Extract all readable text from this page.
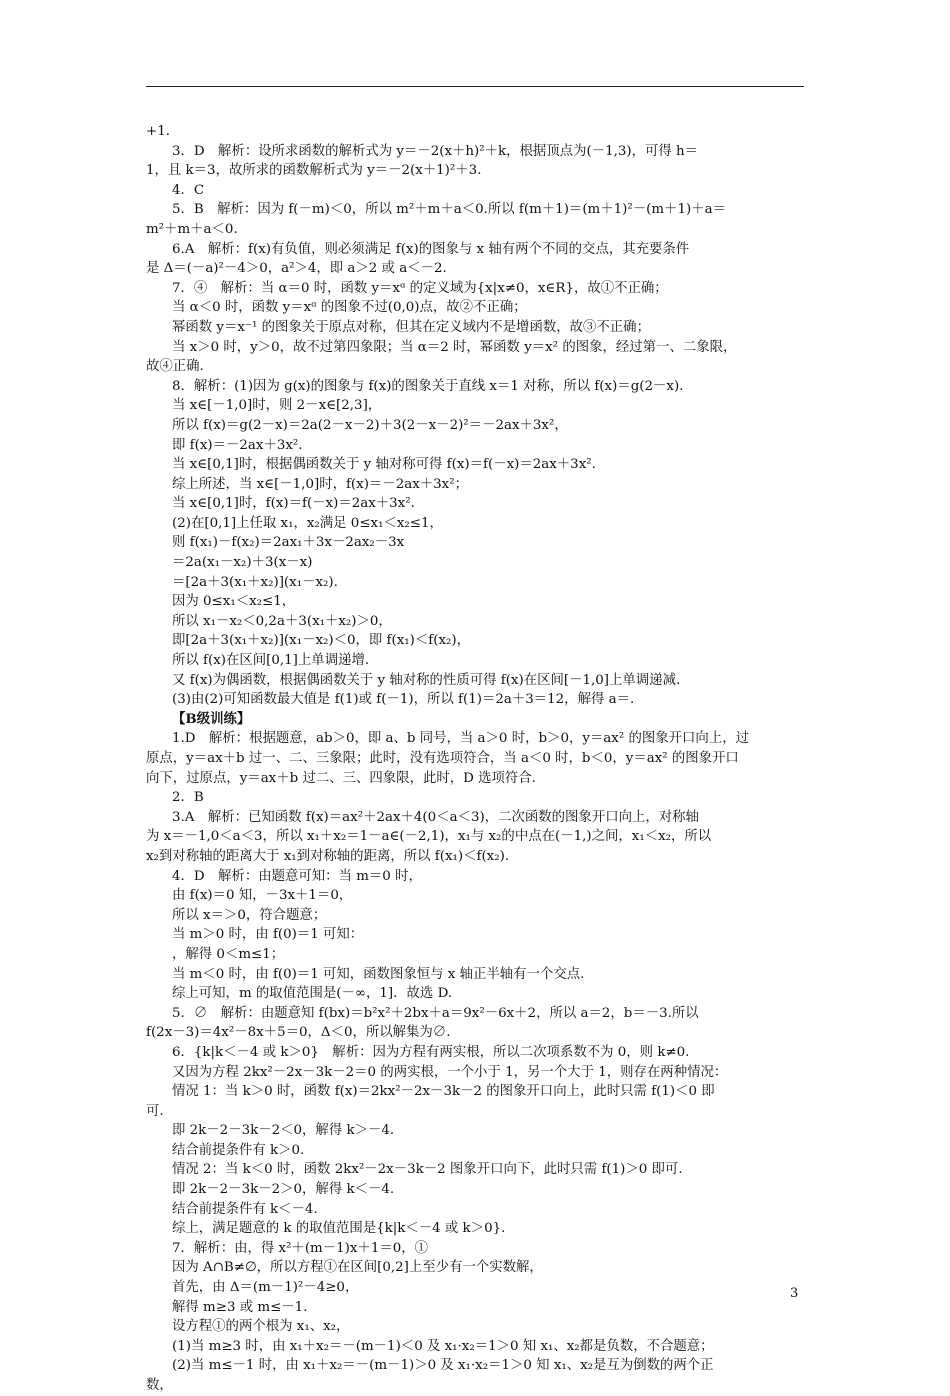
+1.
3．D　解析：设所求函数的解析式为 y＝－2(x＋h)²＋k，根据顶点为(－1,3)，可得 h＝
1，且 k＝3，故所求的函数解析式为 y＝－2(x＋1)²＋3.
4．C
5．B　解析：因为 f(－m)＜0，所以 m²＋m＋a＜0.所以 f(m＋1)＝(m＋1)²－(m＋1)＋a＝
m²＋m＋a＜0.
6.A　解析：f(x)有负值，则必须满足 f(x)的图象与 x 轴有两个不同的交点，其充要条件
是 Δ＝(－a)²－4＞0，a²＞4，即 a＞2 或 a＜－2.
7．④　解析：当 α＝0 时，函数 y＝xᵅ 的定义域为{x|x≠0，x∈R}，故①不正确；
当 α＜0 时，函数 y＝xᵅ 的图象不过(0,0)点，故②不正确；
幂函数 y＝x⁻¹ 的图象关于原点对称，但其在定义域内不是增函数，故③不正确；
当 x＞0 时，y＞0，故不过第四象限；当 α＝2 时，幂函数 y＝x² 的图象，经过第一、二象限，
故④正确.
8．解析：(1)因为 g(x)的图象与 f(x)的图象关于直线 x＝1 对称，所以 f(x)＝g(2－x).
当 x∈[－1,0]时，则 2－x∈[2,3]，
所以 f(x)＝g(2－x)＝2a(2－x－2)＋3(2－x－2)²＝－2ax＋3x²，
即 f(x)＝－2ax＋3x².
当 x∈[0,1]时，根据偶函数关于 y 轴对称可得 f(x)＝f(－x)＝2ax＋3x².
综上所述，当 x∈[－1,0]时，f(x)＝－2ax＋3x²；
当 x∈[0,1]时，f(x)＝f(－x)＝2ax＋3x².
(2)在[0,1]上任取 x₁，x₂满足 0≤x₁＜x₂≤1，
则 f(x₁)－f(x₂)＝2ax₁＋3x－2ax₂－3x
＝2a(x₁－x₂)＋3(x－x)
＝[2a＋3(x₁＋x₂)](x₁－x₂).
因为 0≤x₁＜x₂≤1，
所以 x₁－x₂＜0,2a＋3(x₁＋x₂)＞0，
即[2a＋3(x₁＋x₂)](x₁－x₂)＜0，即 f(x₁)＜f(x₂)，
所以 f(x)在区间[0,1]上单调递增.
又 f(x)为偶函数，根据偶函数关于 y 轴对称的性质可得 f(x)在区间[－1,0]上单调递减.
(3)由(2)可知函数最大值是 f(1)或 f(－1)，所以 f(1)＝2a＋3＝12，解得 a＝.
【B级训练】
1.D　解析：根据题意，ab＞0，即 a、b 同号，当 a＞0 时，b＞0，y＝ax² 的图象开口向上，过
原点，y＝ax＋b 过一、二、三象限；此时，没有选项符合，当 a＜0 时，b＜0，y＝ax² 的图象开口
向下，过原点，y＝ax＋b 过二、三、四象限，此时，D 选项符合.
2．B
3.A　解析：已知函数 f(x)＝ax²＋2ax＋4(0＜a＜3)，二次函数的图象开口向上，对称轴
为 x＝－1,0＜a＜3，所以 x₁＋x₂＝1－a∈(－2,1)，x₁与 x₂的中点在(－1,)之间，x₁＜x₂，所以
x₂到对称轴的距离大于 x₁到对称轴的距离，所以 f(x₁)＜f(x₂).
4．D　解析：由题意可知：当 m＝0 时，
由 f(x)＝0 知，－3x＋1＝0，
所以 x＝＞0，符合题意；
当 m＞0 时，由 f(0)＝1 可知：
，解得 0＜m≤1；
当 m＜0 时，由 f(0)＝1 可知，函数图象恒与 x 轴正半轴有一个交点.
综上可知，m 的取值范围是(－∞，1]．故选 D.
5．∅　解析：由题意知 f(bx)＝b²x²＋2bx＋a＝9x²－6x＋2，所以 a＝2，b＝－3.所以
f(2x－3)＝4x²－8x＋5＝0，Δ＜0，所以解集为∅.
6．{k|k＜－4 或 k＞0}　解析：因为方程有两实根，所以二次项系数不为 0，则 k≠0.
又因为方程 2kx²－2x－3k－2＝0 的两实根，一个小于 1，另一个大于 1，则存在两种情况：
情况 1：当 k＞0 时，函数 f(x)＝2kx²－2x－3k－2 的图象开口向上，此时只需 f(1)＜0 即
可.
即 2k－2－3k－2＜0，解得 k＞－4.
结合前提条件有 k＞0.
情况 2：当 k＜0 时，函数 2kx²－2x－3k－2 图象开口向下，此时只需 f(1)＞0 即可.
即 2k－2－3k－2＞0，解得 k＜－4.
结合前提条件有 k＜－4.
综上，满足题意的 k 的取值范围是{k|k＜－4 或 k＞0}.
7．解析：由，得 x²＋(m－1)x＋1＝0，①
因为 A∩B≠∅，所以方程①在区间[0,2]上至少有一个实数解，
首先，由 Δ＝(m－1)²－4≥0，
解得 m≥3 或 m≤－1.
设方程①的两个根为 x₁、x₂，
(1)当 m≥3 时，由 x₁＋x₂＝－(m－1)＜0 及 x₁·x₂＝1＞0 知 x₁、x₂都是负数，不合题意；
(2)当 m≤－1 时，由 x₁＋x₂＝－(m－1)＞0 及 x₁·x₂＝1＞0 知 x₁、x₂是互为倒数的两个正
数，
3
